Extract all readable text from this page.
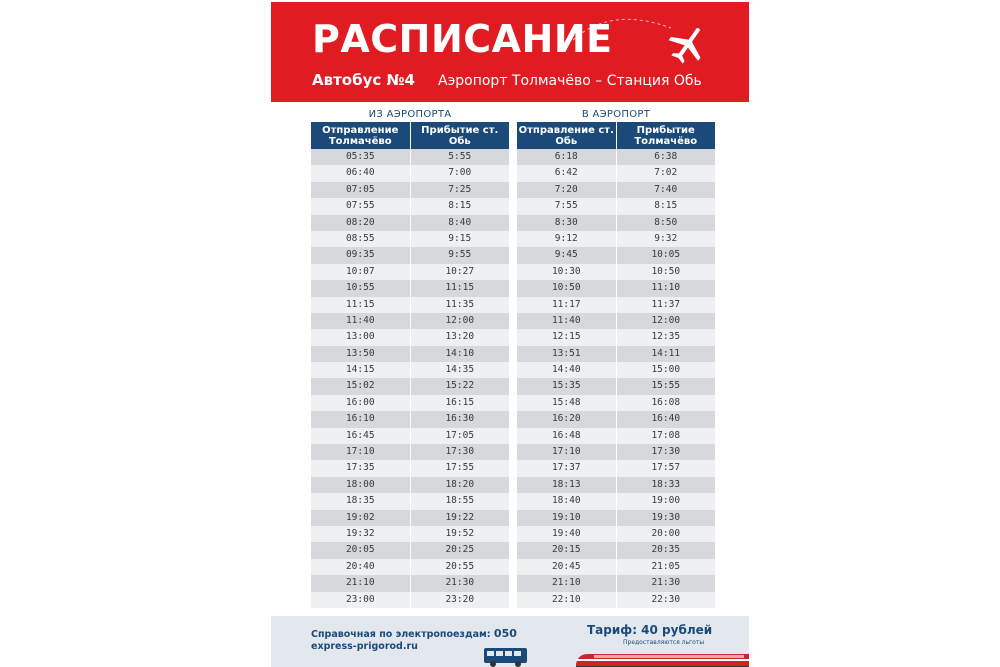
РАСПИСАНИЕ
Автобус №4 Аэропорт Толмачёво – Станция Обь
ИЗ АЭРОПОРТА
Отправление Толмачёво
Прибытие ст. Обь
05:35	5:55
06:40	7:00
07:05	7:25
07:55	8:15
08:20	8:40
08:55	9:15
09:35	9:55
10:07	10:27
10:55	11:15
11:15	11:35
11:40	12:00
13:00	13:20
13:50	14:10
14:15	14:35
15:02	15:22
16:00	16:15
16:10	16:30
16:45	17:05
17:10	17:30
17:35	17:55
18:00	18:20
18:35	18:55
19:02	19:22
19:32	19:52
20:05	20:25
20:40	20:55
21:10	21:30
23:00	23:20
В АЭРОПОРТ
Отправление ст. Обь
Прибытие Толмачёво
6:18	6:38
6:42	7:02
7:20	7:40
7:55	8:15
8:30	8:50
9:12	9:32
9:45	10:05
10:30	10:50
10:50	11:10
11:17	11:37
11:40	12:00
12:15	12:35
13:51	14:11
14:40	15:00
15:35	15:55
15:48	16:08
16:20	16:40
16:48	17:08
17:10	17:30
17:37	17:57
18:13	18:33
18:40	19:00
19:10	19:30
19:40	20:00
20:15	20:35
20:45	21:05
21:10	21:30
22:10	22:30
Справочная по электропоездам: 050
express-prigorod.ru
Тариф: 40 рублей
Предоставляются льготы
